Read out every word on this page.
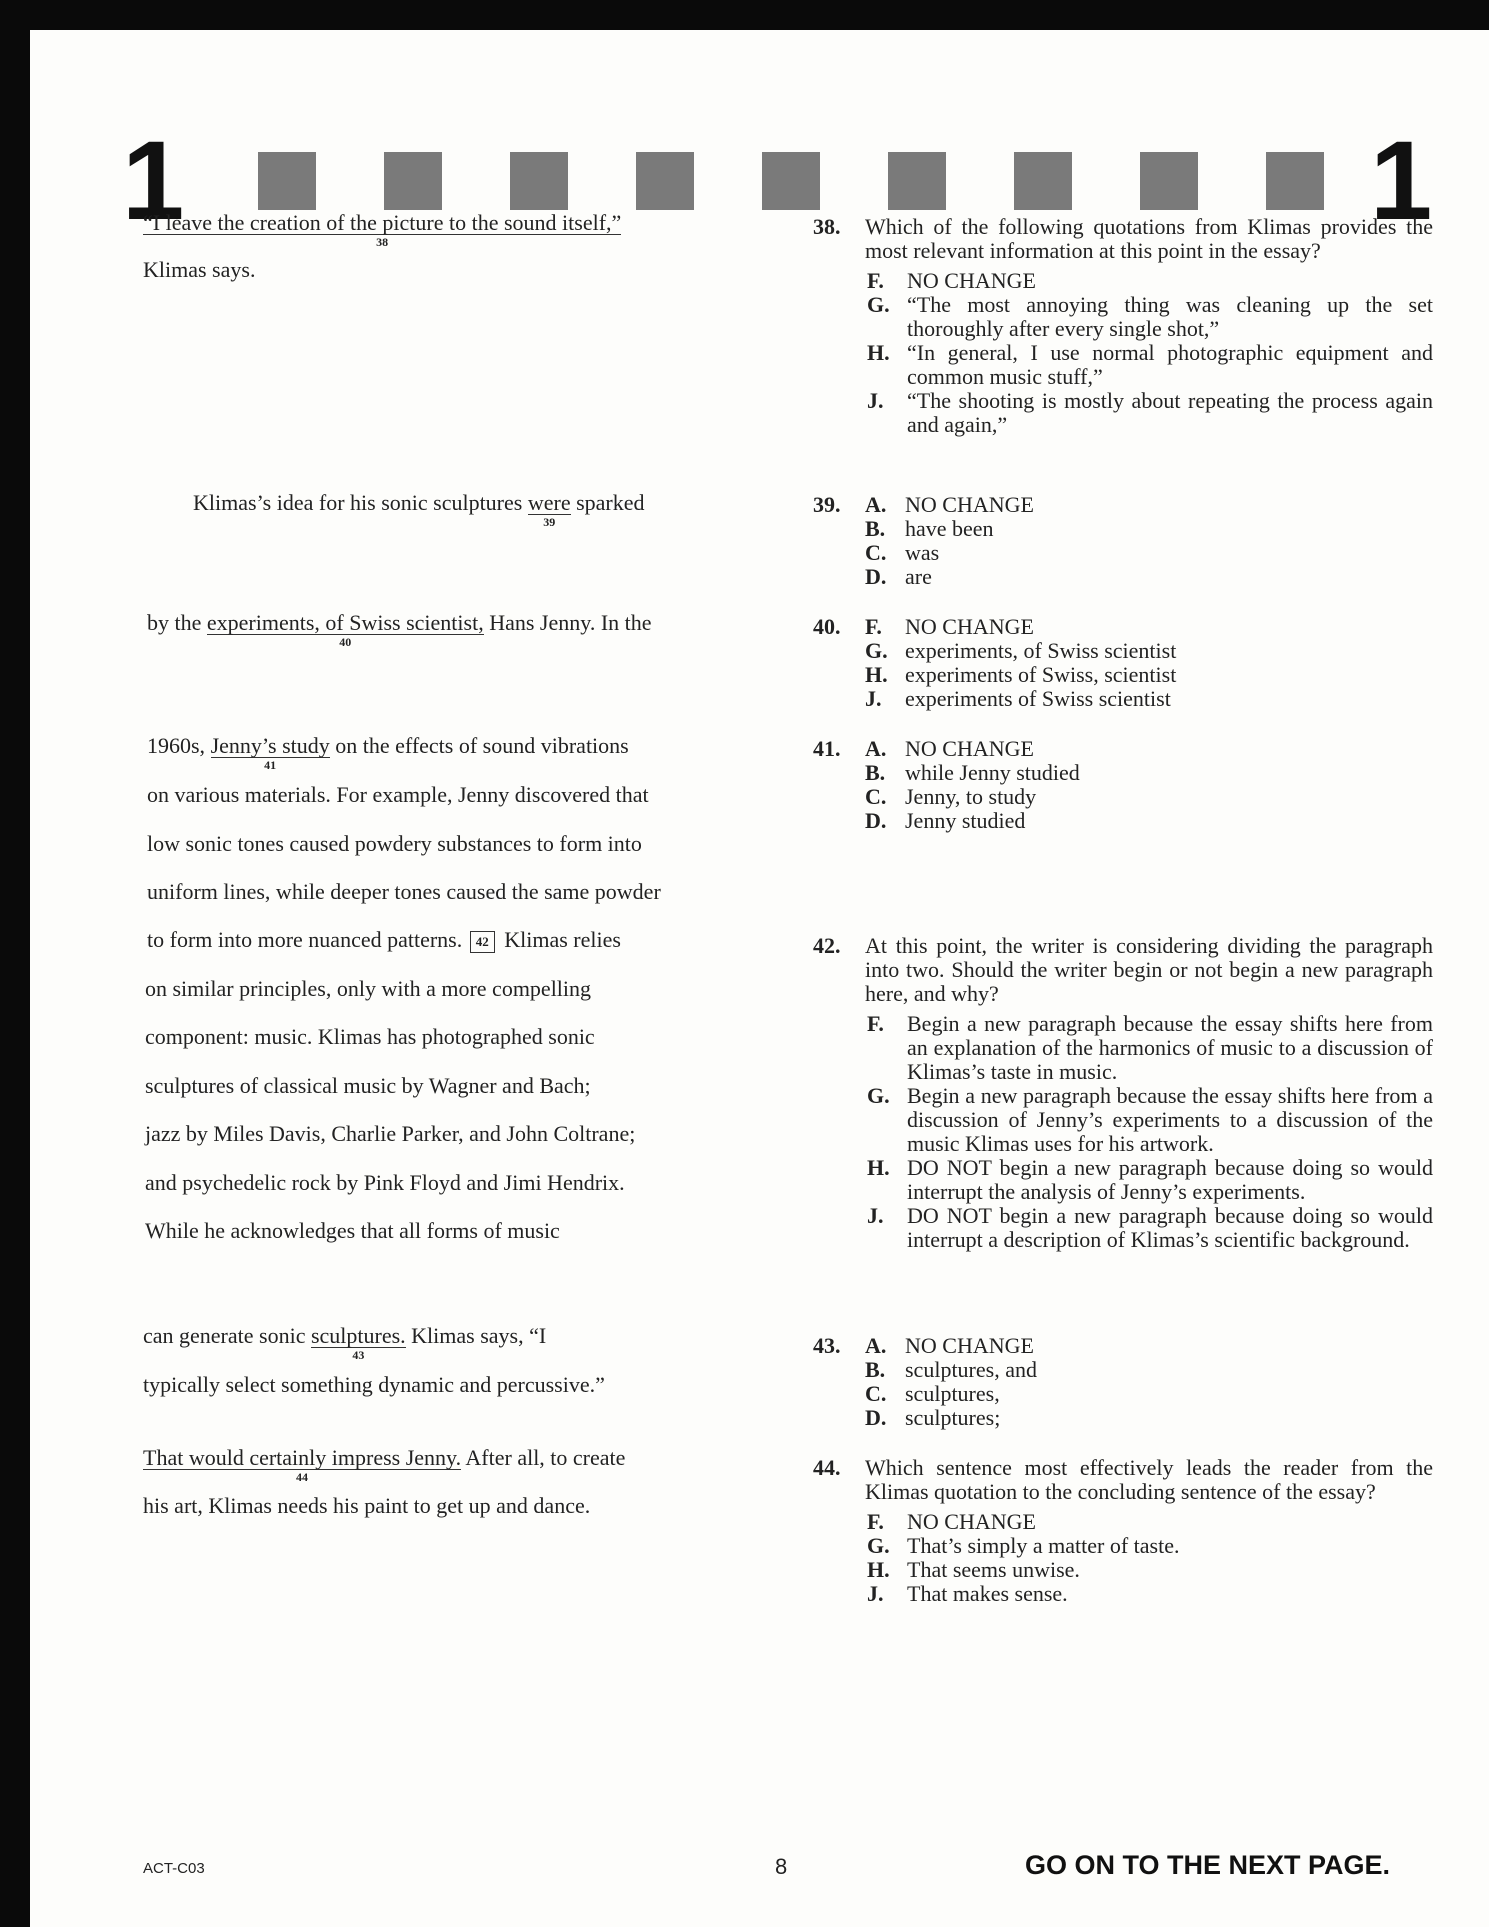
1	1
“I leave the creation of the picture to the sound itself,”
38
Klimas says.
Klimas’s idea for his sonic sculptures were
39
sparked
by the experiments, of Swiss scientist,
40
Hans Jenny. In the
1960s, Jenny’s study
41
on the effects of sound vibrations
on various materials. For example, Jenny discovered that
low sonic tones caused powdery substances to form into
uniform lines, while deeper tones caused the same powder
to form into more nuanced patterns. 42 Klimas relies
on similar principles, only with a more compelling
component: music. Klimas has photographed sonic
sculptures of classical music by Wagner and Bach;
jazz by Miles Davis, Charlie Parker, and John Coltrane;
and psychedelic rock by Pink Floyd and Jimi Hendrix.
While he acknowledges that all forms of music
can generate sonic sculptures.
43
Klimas says, “I
typically select something dynamic and percussive.”
That would certainly impress Jenny.
44
After all, to create
his art, Klimas needs his paint to get up and dance.
38. Which of the following quotations from Klimas provides the most relevant information at this point in the essay?
F. NO CHANGE
G. “The most annoying thing was cleaning up the set thoroughly after every single shot,”
H. “In general, I use normal photographic equipment and common music stuff,”
J. “The shooting is mostly about repeating the process again and again,”
39. A. NO CHANGE
B. have been
C. was
D. are
40. F. NO CHANGE
G. experiments, of Swiss scientist
H. experiments of Swiss, scientist
J. experiments of Swiss scientist
41. A. NO CHANGE
B. while Jenny studied
C. Jenny, to study
D. Jenny studied
42. At this point, the writer is considering dividing the paragraph into two. Should the writer begin or not begin a new paragraph here, and why?
F. Begin a new paragraph because the essay shifts here from an explanation of the harmonics of music to a discussion of Klimas’s taste in music.
G. Begin a new paragraph because the essay shifts here from a discussion of Jenny’s experiments to a discussion of the music Klimas uses for his artwork.
H. DO NOT begin a new paragraph because doing so would interrupt the analysis of Jenny’s experiments.
J. DO NOT begin a new paragraph because doing so would interrupt a description of Klimas’s scientific background.
43. A. NO CHANGE
B. sculptures, and
C. sculptures,
D. sculptures;
44. Which sentence most effectively leads the reader from the Klimas quotation to the concluding sentence of the essay?
F. NO CHANGE
G. That’s simply a matter of taste.
H. That seems unwise.
J. That makes sense.
ACT-C03	8	GO ON TO THE NEXT PAGE.
